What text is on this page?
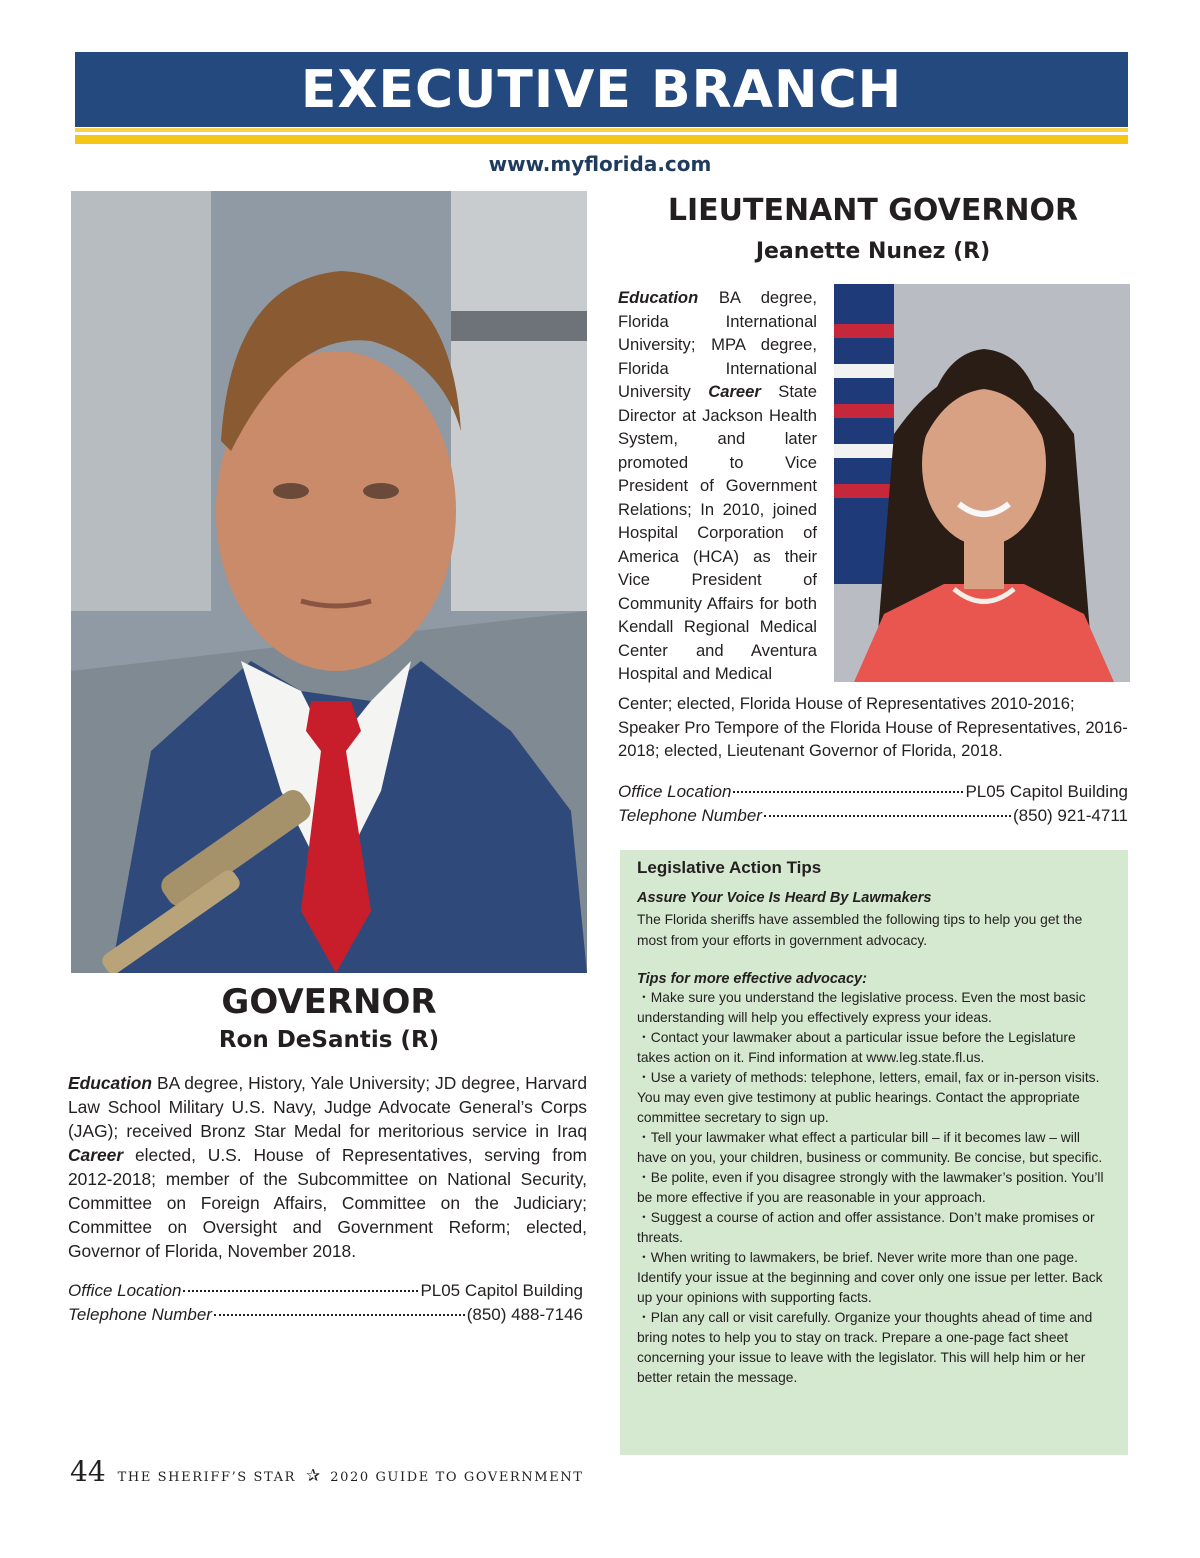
EXECUTIVE BRANCH
www.myflorida.com
LIEUTENANT GOVERNOR
Jeanette Nunez (R)
Education BA degree, Florida International University; MPA degree, Florida International University Career State Director at Jackson Health System, and later promoted to Vice President of Government Relations; In 2010, joined Hospital Corporation of America (HCA) as their Vice President of Community Affairs for both Kendall Regional Medical Center and Aventura Hospital and Medical
Center; elected, Florida House of Representatives 2010-2016; Speaker Pro Tempore of the Florida House of Representatives, 2016-2018; elected, Lieutenant Governor of Florida, 2018.
Office Location	PL05 Capitol Building
Telephone Number	(850) 921-4711
GOVERNOR
Ron DeSantis (R)
Education BA degree, History, Yale University; JD degree, Harvard Law School Military U.S. Navy, Judge Advocate General’s Corps (JAG); received Bronz Star Medal for meritorious service in Iraq Career elected, U.S. House of Representatives, serving from 2012-2018; member of the Subcommittee on National Security, Committee on Foreign Affairs, Committee on the Judiciary; Committee on Oversight and Government Reform; elected, Governor of Florida, November 2018.
Office Location	PL05 Capitol Building
Telephone Number	(850) 488-7146

Legislative Action Tips

Assure Your Voice Is Heard By Lawmakers

The Florida sheriffs have assembled the following tips to help you get the most from your efforts in government advocacy.

Tips for more effective advocacy:

・Make sure you understand the legislative process. Even the most basic understanding will help you effectively express your ideas.

・Contact your lawmaker about a particular issue before the Legislature takes action on it. Find information at www.leg.state.fl.us.

・Use a variety of methods: telephone, letters, email, fax or in-person visits. You may even give testimony at public hearings. Contact the appropriate committee secretary to sign up.

・Tell your lawmaker what effect a particular bill – if it becomes law – will have on you, your children, business or community. Be concise, but specific.

・Be polite, even if you disagree strongly with the lawmaker’s position. You’ll be more effective if you are reasonable in your approach.

・Suggest a course of action and offer assistance. Don’t make promises or threats.

・When writing to lawmakers, be brief. Never write more than one page. Identify your issue at the beginning and cover only one issue per letter. Back up your opinions with supporting facts.

・Plan any call or visit carefully. Organize your thoughts ahead of time and bring notes to help you to stay on track. Prepare a one-page fact sheet concerning your issue to leave with the legislator. This will help him or her better retain the message.

44 THE SHERIFF’S STAR ✰ 2020 GUIDE TO GOVERNMENT
